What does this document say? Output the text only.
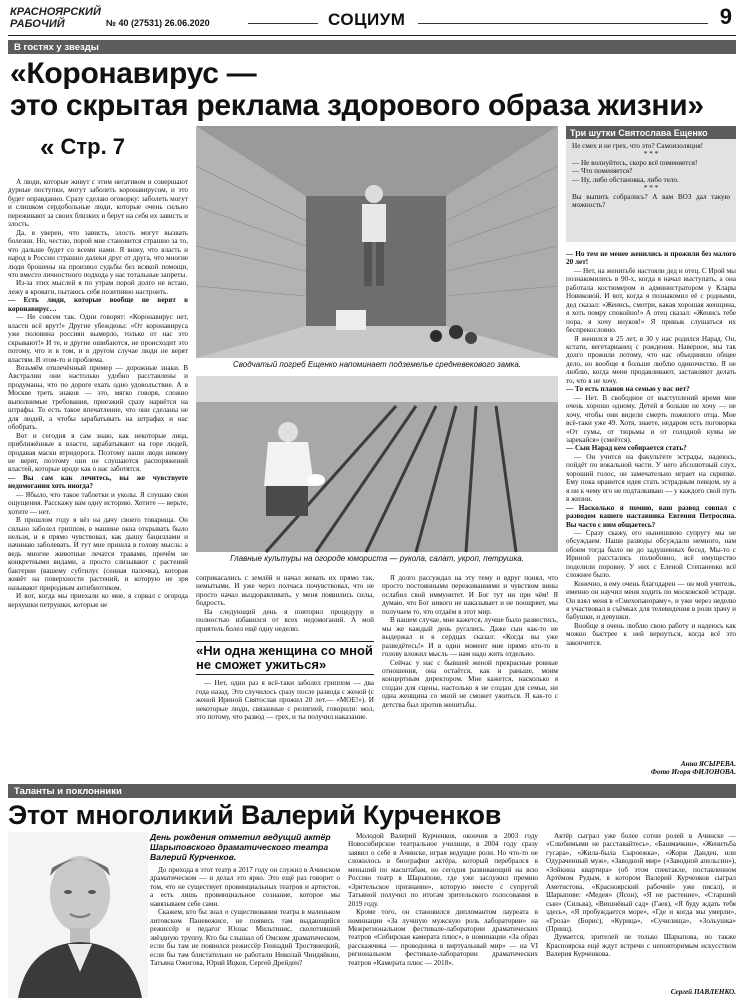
КРАСНОЯРСКИЙ РАБОЧИЙ	№ 40 (27531) 26.06.2020	СОЦИУМ	9
В гостях у звезды
«Коронавирус —
это скрытая реклама здорового образа жизни»
« Стр. 7

А люди, которые живут с этим негативом и совершают дурные поступки, могут заболеть коронавирусом, и это будет оправданно. Сразу сделаю оговорку: заболеть могут и слишком сердобольные люди, которые очень сильно переживают за своих близких и берут на себя их зависть и злость.

Да, я уверен, что зависть, злость могут вызвать болезни. Но, честно, порой мне становится страшно за то, что дальше будет со всеми нами. Я вижу, что власть и народ в России страшно далеки друг от друга, что многие люди брошены на произвол судьбы без всякой помощи, что вместо личностного подхода у нас тотальные запреты.

Из-за этих мыслей я по утрам порой долго не встаю, лежу в кровати, пытаюсь себя позитивно настроить.

— Есть люди, которые вообще не верят в коронавирус…

— Не совсем так. Одни говорят: «Коронавирус нет, власти всё врут!» Другие убеждены: «От коронавируса уже половина россиян вымерло, только от нас это скрывают!» И те, и другие ошибаются, не происходит это потому, что и в том, и в другом случае люди не верят властям. В этом-то и проблема.

Возьмём отвлечённый пример — дорожные знаки. В Австралии они настолько удобно расставлены и продуманы, что по дороге ехать одно удовольствие. А в Москве треть знаков — это, мягко говоря, сложно выполнимые требования, приезжий сразу нарвётся на штрафы. То есть такое впечатление, что они сделаны не для людей, а чтобы зарабатывать на штрафах и нас обобрать.

Вот и сегодня я сам знаю, как некоторые лица, приближённые к власти, зарабатывают на горе людей, продавая маски втридорога. Поэтому наши люди никому не верят, поэтому они не слушаются распоряжений властей, которые вроде как о нас заботятся.

— Вы сам как лечитесь, вы же чувствуете недомогания хоть иногда?

— Ябыло, что такое таблетки и уколы. Я слушаю свои ощущения. Расскажу вам одну историю. Хотите — верьте, хотите — нет.

В прошлом году я вёз на дачу своего товарища. Он сильно заболел гриппом, в машине окна открывать было нельзя, и я прямо чувствовал, как дышу бациллами и начинаю заболевать. И тут мне пришла в голову мысль: а ведь многие животные лечатся травами, причём не конкретными видами, а просто слизывают с растений бактерии (вашему субтилус (сенная палочка), которая живёт на поверхности растений, и которую не зря называют природным антибиотиком.

И вот, когда мы приехали ко мне, я сорвал с огорода верхушки петрушки, которые не

Сводчатый погреб Ещенко напоминает подземелье средневекового замка.
Главные культуры на огороде юмориста — рукола, салат, укроп, петрушка.

соприкасались с землёй и начал жевать их прямо так, немытыми. И уже через полчаса почувствовал, что не просто начал выздоравливать, у меня появились силы, бодрость.

На следующий день я повторил процедуру и полностью избавился от всех недомоганий. А мой приятель болел ещё одну неделю.

«Ни одна женщина со мной не сможет ужиться»

— Нет, один раз я всё-таки заболел гриппом — два года назад. Это случилось сразу после развода с женой (с женой Ириной Святослав прожил 20 лет.— «МОЕ!»). И некоторые люди, связанные с религией, говорили: мол, это потому, что развод — грех, и ты получил наказание.

Я долго рассуждал на эту тему и вдруг понял, что просто постоянными переживаниями и чувством вины ослабил свой иммунитет. И Бог тут ни при чём! Я думаю, что Бог никого не наказывает и не поощряет, мы получаем то, что отдаём в этот мир.

В нашем случае, мне кажется, лучше было развестись, мы же каждый день ругались. Даже сын как-то не выдержал и в сердцах сказал: «Когда вы уже разведётесь!» И в один момент мне прямо кто-то в голову вложил мысль — нам надо жить отдельно.

Сейчас у нас с бывшей женой прекрасные ровные отношения, она остаётся, как и раньше, моим концертным директором. Мне кажется, насколько я создан для сцены, настолько я не создан для семьи, ни одна женщина со мной не сможет ужиться. Я как-то с детства был против женитьбы.

Три шутки Святослава Ещенко

Не смех и не грех, что это? Самоизоляция!

* * *

— Не волнуйтесь, скоро всё поменяется!

— Что поменяется?

— Ну, либо обстановка, либо тело.

* * *

Вы выпить собрались? А вам ВОЗ дал такую можность?

— Но тем не менее женились и прожили без малого 20 лет!

— Нет, на женитьбе настояли дед и отец. С Ирой мы познакомились в 90-х, когда я начал выступать, а она работала костюмером и администратором у Клары Новиковой. И вот, когда я познакомил её с родными, дед сказал: «Женись, смотри, какая хорошая женщина, я хоть помру спокойно!» А отец сказал: «Женись тебе пора, я хочу внуков!» Я привык слушаться их беспрекословно.

Я женился в 25 лет, в 30 у нас родился Нарад. Он, кстати, вегетарианец с рождения. Наверное, мы так долго прожили потому, что нас объединяло общее дело, но вообще я больше люблю одиночество. Я не люблю, когда меня продавливают, заставляют делать то, что я не хочу.

— То есть планов на семью у вас нет?

— Нет. В свободное от выступлений время мне очень хорошо одному. Детей я больше не хочу — не хочу, чтобы они видели смерть пожилого отца. Мне всё-таки уже 49. Хотя, знаете, недаром есть поговорка «От сумы, от тюрьмы и от голодной кумы не зарекайся» (смеётся).

— Сын Нарад кем собирается стать?

— Он учится на факультете эстрады, надеюсь, пойдёт по вокальной части. У него абсолютный слух, хороший голос, он замечательно играет на скрипке. Ему пока нравится идея стать эстрадным певцом, ну а я ни к чему его не подталкиваю — у каждого свой путь в жизни.

— Насколько я помню, ваш развод совпал с разводом вашего наставника Евгения Петросяна. Вы часто с ним общаетесь?

— Сразу скажу, его нынешнюю супругу мы не обсуждаем. Наши разводы обсуждали немного, нам обоим тогда было не до задушевных бесед. Мы-то с Ириной расстались полюбовно, всё имущество поделили поровну. У них с Еленой Степаненко всё сложнее было.

Конечно, я ему очень благодарен — он мой учитель, именно он научил меня ходить по московской эстраде. Он взял меня в «Смехопанораму», и уже через неделю я участвовал в съёмках для телевидения в роли зрачу и бабушки, и девушки.

Вообще я очень люблю свою работу и надеюсь как можно быстрее к ней вернуться, когда всё это закончится.

Анна ЯСЫРЕВА.

Фото Игоря ФИЛОНОВА.

Таланты и поклонники
Этот многоликий Валерий Курченков
День рождения отметил ведущий актёр Шарыповского драматического театра Валерий Курченков.

До прихода в этот театр в 2017 году он служил в Ачинском драматическом — и делал это ярко. Это ещё раз говорит о том, что не существует провинциальных театров и артистов, а есть лишь провинциальное сознание, которое мы навязываем себе сами.

Скажем, кто бы знал о существовании театра в маленьком литовском Паневежисе, не появись там выдающийся режиссёр и педагог Юозас Мильтинис, сколотивший звёздную труппу. Кто бы слышал об Омском драматическом, если бы там не появился режиссёр Геннадий Тростянецкий, если бы там блистательно не работали Николай Чиндяйкин, Татьяна Ожигова, Юрий Ицков, Сергей Дрейден?

Молодой Валерий Курченков, окончив в 2003 году Новосибирское театральное училище, в 2004 году сразу заявил о себе в Ачинске, играя ведущие роли. Но что-то не сложилось в биографии актёра, который перебрался в меньший по масштабам, но сегодня развивающий на всю Россию театр в Шарыпове, где уже заслужил премию «Зрительское признание», которую вместе с супругой Татьяной получил по итогам зрительского голосования в 2019 году.

Кроме того, он становился дипломантом лауреата в номинации «За лучшую мужскую роль лаборатории» на Межрегиональном фестивале-лаборатории драматических театров «Сибирская камерата плюс», в номинации «За образ расскажчика — проводника в виртуальный мир» — на VI региональном фестивале-лаборатории драматических театров «Камерата плюс — 2018».

Актёр сыграл уже более сотни ролей в Ачинске — «Слюбимыми не расставайтесь», «Башмачкин», «Женитьба гусара», «Жила-была Сыроежка», «Жорж Данден, или Одураченный муж», «Заводной мир» («Заводной апельсин»), «Зойкина квартира» (об этом спектакле, поставленном Артёмом Рудым, в котором Валерий Курченков сыграл Аметистова, «Красноярский рабочий» уже писал), и Шарыпове: «Медея» (Ясон), «Я не растение», «Старший сын» (Сильва), «Вишнёвый сад» (Гаев), «Я буду ждать тебя здесь», «Я пробуждается море», «Где и когда мы умерли», «Гроза» (Борис), «Курица», «Сучилища», «Зольушка» (Принц).

Думается, зрителей не только Шарыпова, но также Красноярска ещё ждут встречи с неповторимым искусством Валерия Курченкова.

Сергей ПАВЛЕНКО.
